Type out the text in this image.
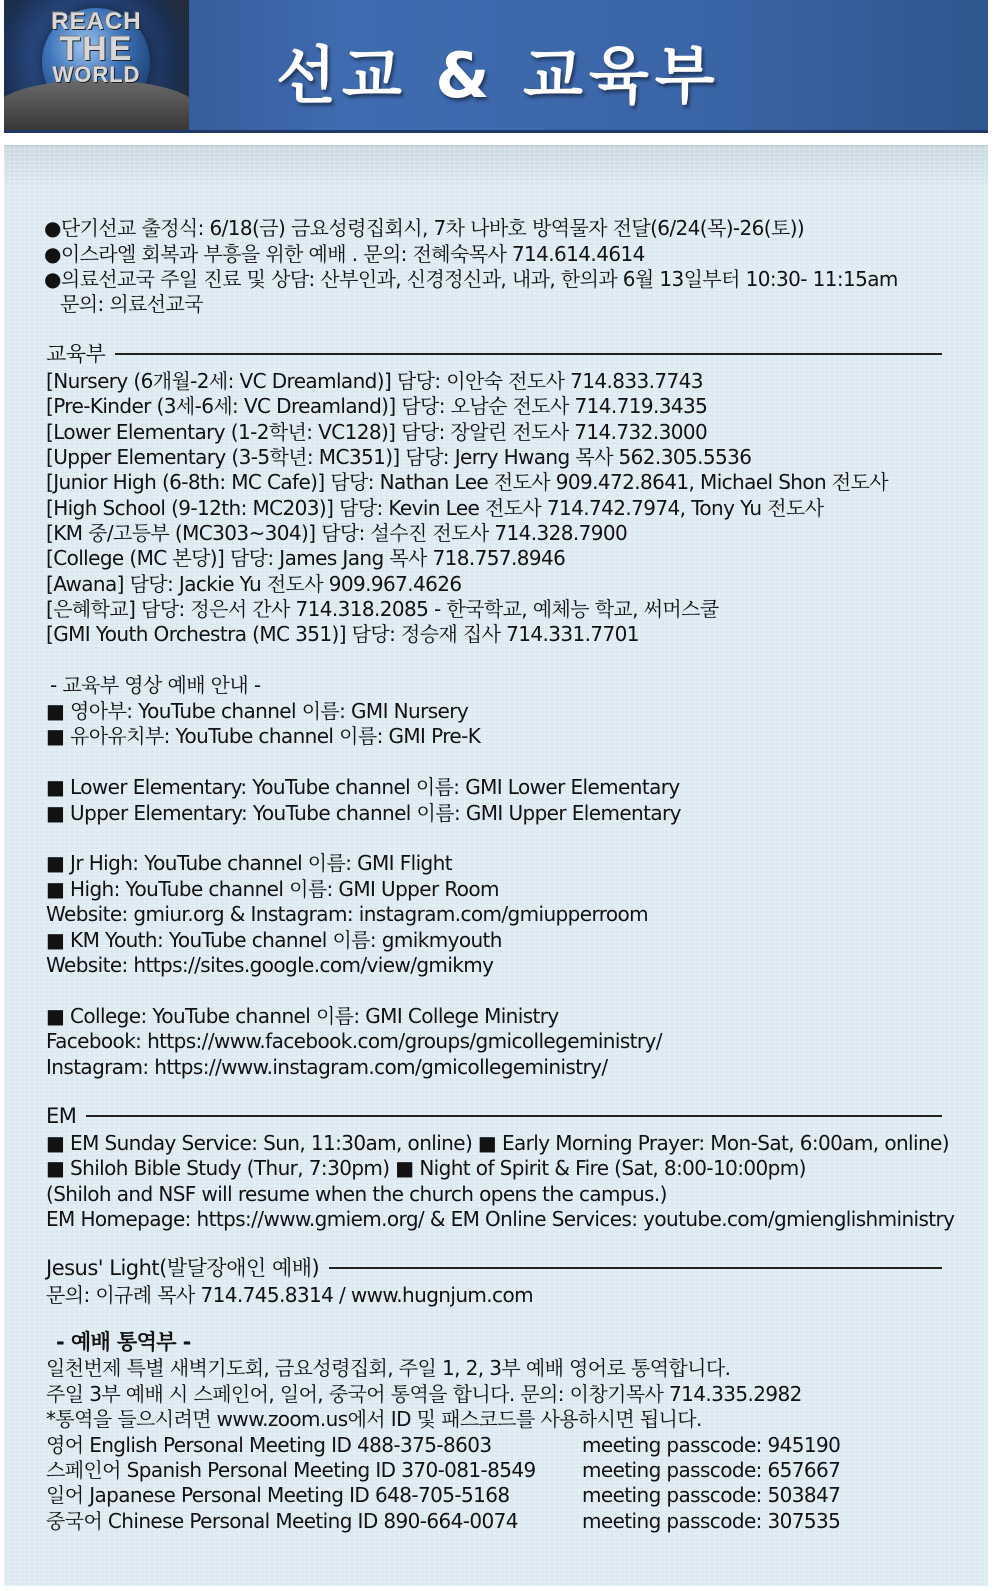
REACH
THE
WORLD	선교 & 교육부
●단기선교 출정식: 6/18(금) 금요성령집회시, 7차 나바호 방역물자 전달(6/24(목)-26(토))
●이스라엘 회복과 부흥을 위한 예배 . 문의: 전혜숙목사 714.614.4614
●의료선교국 주일 진료 및 상담: 산부인과, 신경정신과, 내과, 한의과 6월 13일부터 10:30- 11:15am
문의: 의료선교국
교육부
[Nursery (6개월-2세: VC Dreamland)] 담당: 이안숙 전도사 714.833.7743
[Pre-Kinder (3세-6세: VC Dreamland)] 담당: 오남순 전도사 714.719.3435
[Lower Elementary (1-2학년: VC128)] 담당: 장알린 전도사 714.732.3000
[Upper Elementary (3-5학년: MC351)] 담당: Jerry Hwang 목사 562.305.5536
[Junior High (6-8th: MC Cafe)] 담당: Nathan Lee 전도사 909.472.8641, Michael Shon 전도사
[High School (9-12th: MC203)] 담당: Kevin Lee 전도사 714.742.7974, Tony Yu 전도사
[KM 중/고등부 (MC303~304)] 담당: 설수진 전도사 714.328.7900
[College (MC 본당)] 담당: James Jang 목사 718.757.8946
[Awana] 담당: Jackie Yu 전도사 909.967.4626
[은혜학교] 담당: 정은서 간사 714.318.2085 - 한국학교, 예체능 학교, 써머스쿨
[GMI Youth Orchestra (MC 351)] 담당: 정승재 집사 714.331.7701
- 교육부 영상 예배 안내 -
■ 영아부: YouTube channel 이름: GMI Nursery
■ 유아유치부: YouTube channel 이름: GMI Pre-K
■ Lower Elementary: YouTube channel 이름: GMI Lower Elementary
■ Upper Elementary: YouTube channel 이름: GMI Upper Elementary
■ Jr High: YouTube channel 이름: GMI Flight
■ High: YouTube channel 이름: GMI Upper Room
Website: gmiur.org & Instagram: instagram.com/gmiupperroom
■ KM Youth: YouTube channel 이름: gmikmyouth
Website: https://sites.google.com/view/gmikmy
■ College: YouTube channel 이름: GMI College Ministry
Facebook: https://www.facebook.com/groups/gmicollegeministry/
Instagram: https://www.instagram.com/gmicollegeministry/
EM
■ EM Sunday Service: Sun, 11:30am, online) ■ Early Morning Prayer: Mon-Sat, 6:00am, online)
■ Shiloh Bible Study (Thur, 7:30pm) ■ Night of Spirit & Fire (Sat, 8:00-10:00pm)
(Shiloh and NSF will resume when the church opens the campus.)
EM Homepage: https://www.gmiem.org/ & EM Online Services: youtube.com/gmienglishministry
Jesus' Light(발달장애인 예배)
문의: 이규례 목사 714.745.8314 / www.hugnjum.com
- 예배 통역부 -
일천번제 특별 새벽기도회, 금요성령집회, 주일 1, 2, 3부 예배 영어로 통역합니다.
주일 3부 예배 시 스페인어, 일어, 중국어 통역을 합니다. 문의: 이창기목사 714.335.2982
*통역을 들으시려면 www.zoom.us에서 ID 및 패스코드를 사용하시면 됩니다.
영어 English Personal Meeting ID 488-375-8603	meeting passcode: 945190
스페인어 Spanish Personal Meeting ID 370-081-8549 meeting passcode: 657667
일어 Japanese Personal Meeting ID 648-705-5168	meeting passcode: 503847
중국어 Chinese Personal Meeting ID 890-664-0074	meeting passcode: 307535
